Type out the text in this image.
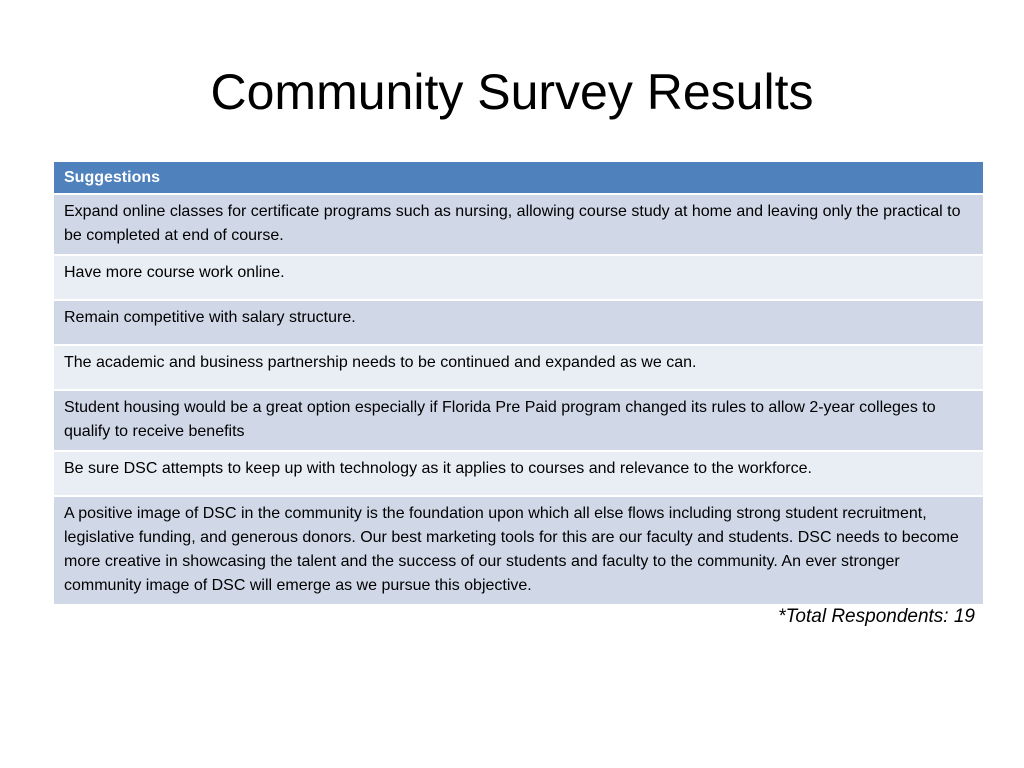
Community Survey Results
Suggestions

Expand online classes for certificate programs such as nursing, allowing course study at home and leaving only the practical to be completed at end of course.

Have more course work online.

Remain competitive with salary structure.

The academic and business partnership needs to be continued and expanded as we can.

Student housing would be a great option especially if Florida Pre Paid program changed its rules to allow 2-year colleges to qualify to receive benefits

Be sure DSC attempts to keep up with technology as it applies to courses and relevance to the workforce.

A positive image of DSC in the community is the foundation upon which all else flows including strong student recruitment, legislative funding, and generous donors. Our best marketing tools for this are our faculty and students. DSC needs to become more creative in showcasing the talent and the success of our students and faculty to the community. An ever stronger community image of DSC will emerge as we pursue this objective.
*Total Respondents: 19
